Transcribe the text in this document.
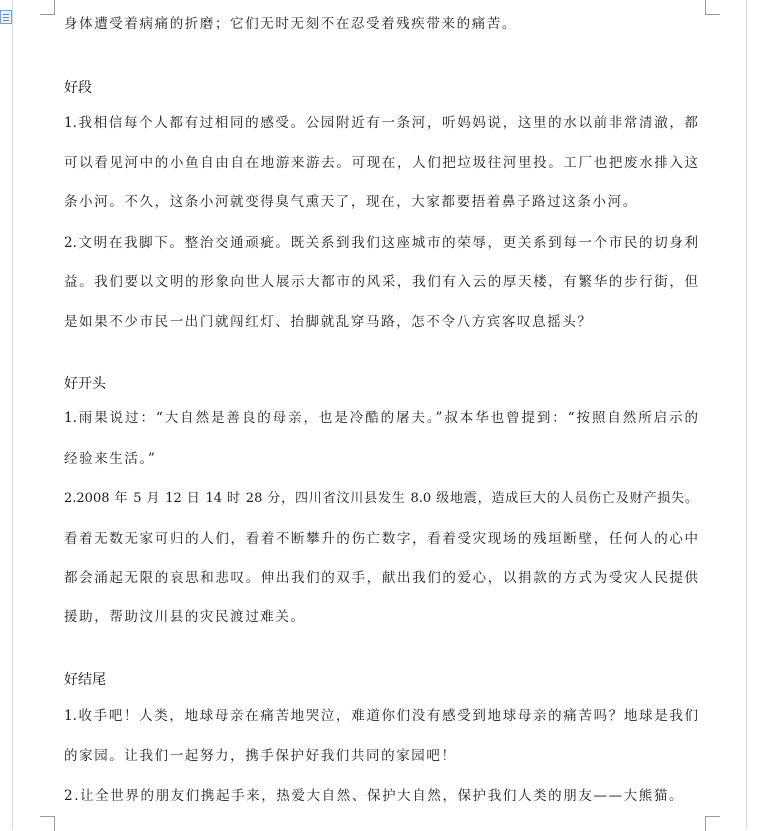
身体遭受着病痛的折磨；它们无时无刻不在忍受着残疾带来的痛苦。
好段
1.我相信每个人都有过相同的感受。公园附近有一条河，听妈妈说，这里的水以前非常清澈，都
可以看见河中的小鱼自由自在地游来游去。可现在，人们把垃圾往河里投。工厂也把废水排入这
条小河。不久，这条小河就变得臭气熏天了，现在，大家都要捂着鼻子路过这条小河。
2.文明在我脚下。整治交通顽疵。既关系到我们这座城市的荣辱，更关系到每一个市民的切身利
益。我们要以文明的形象向世人展示大都市的风采，我们有入云的厚天楼，有繁华的步行街，但
是如果不少市民一出门就闯红灯、抬脚就乱穿马路，怎不令八方宾客叹息摇头？
好开头
1.雨果说过：“大自然是善良的母亲，也是冷酷的屠夫。”叔本华也曾提到：“按照自然所启示的
经验来生活。”
2.2008 年 5 月 12 日 14 时 28 分，四川省汶川县发生 8.0 级地震，造成巨大的人员伤亡及财产损失。
看着无数无家可归的人们，看着不断攀升的伤亡数字，看着受灾现场的残垣断壁，任何人的心中
都会涌起无限的哀思和悲叹。伸出我们的双手，献出我们的爱心，以捐款的方式为受灾人民提供
援助，帮助汶川县的灾民渡过难关。
好结尾
1.收手吧！人类，地球母亲在痛苦地哭泣，难道你们没有感受到地球母亲的痛苦吗？地球是我们
的家园。让我们一起努力，携手保护好我们共同的家园吧！
2.让全世界的朋友们携起手来，热爱大自然、保护大自然，保护我们人类的朋友——大熊猫。
